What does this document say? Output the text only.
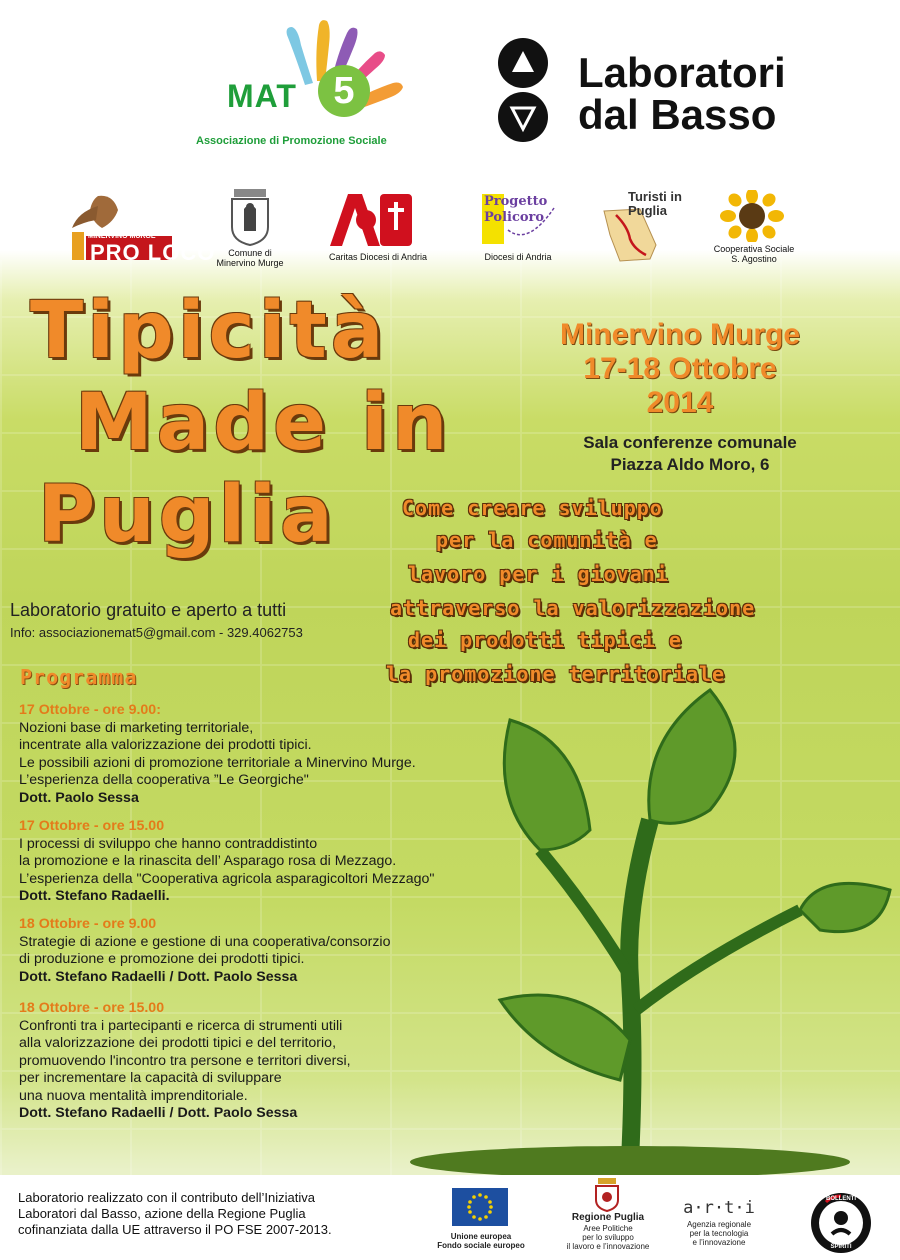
MAT 5
Associazione di Promozione Sociale
Laboratori
dal Basso
MINERVINO MURGE
PRO LOCO	Comune di
Minervino Murge
Caritas Diocesi di Andria
Progetto Policoro
Diocesi di Andria
Turisti in
Puglia
Cooperativa Sociale
S. Agostino
Tipicità
Made in
Puglia
Minervino Murge
17-18 Ottobre
2014
Sala conferenze comunale
Piazza Aldo Moro, 6
Come creare sviluppo
per la comunità e
lavoro per i giovani
attraverso la valorizzazione
dei prodotti tipici e
la promozione territoriale
Laboratorio gratuito e aperto a tutti
Info: associazionemat5@gmail.com - 329.4062753
Programma
17 Ottobre - ore 9.00:
Nozioni base di marketing territoriale,
incentrate alla valorizzazione dei prodotti tipici.
Le possibili azioni di promozione territoriale a Minervino Murge.
L’esperienza della cooperativa ”Le Georgiche"
Dott. Paolo Sessa
17 Ottobre - ore 15.00
I processi di sviluppo che hanno contraddistinto
la promozione e la rinascita dell’ Asparago rosa di Mezzago.
L’esperienza della "Cooperativa agricola asparagicoltori Mezzago"
Dott. Stefano Radaelli.
18 Ottobre - ore 9.00
Strategie di azione e gestione di una cooperativa/consorzio
di produzione e promozione dei prodotti tipici.
Dott. Stefano Radaelli / Dott. Paolo Sessa
18 Ottobre - ore 15.00
Confronti tra i partecipanti e ricerca di strumenti utili
alla valorizzazione dei prodotti tipici e del territorio,
promuovendo l'incontro tra persone e territori diversi,
per incrementare la capacità di sviluppare
una nuova mentalità imprenditoriale.
Dott. Stefano Radaelli / Dott. Paolo Sessa
Laboratorio realizzato con il contributo dell’Iniziativa
Laboratori dal Basso, azione della Regione Puglia
cofinanziata dalla UE attraverso il PO FSE 2007-2013.	Unione europea
Fondo sociale europeo
Regione Puglia
Aree Politiche
per lo sviluppo
il lavoro e l’innovazione
a·r·t·i
Agenzia regionale
per la tecnologia
e l’innovazione
BOLLENTI
SPIRITI
